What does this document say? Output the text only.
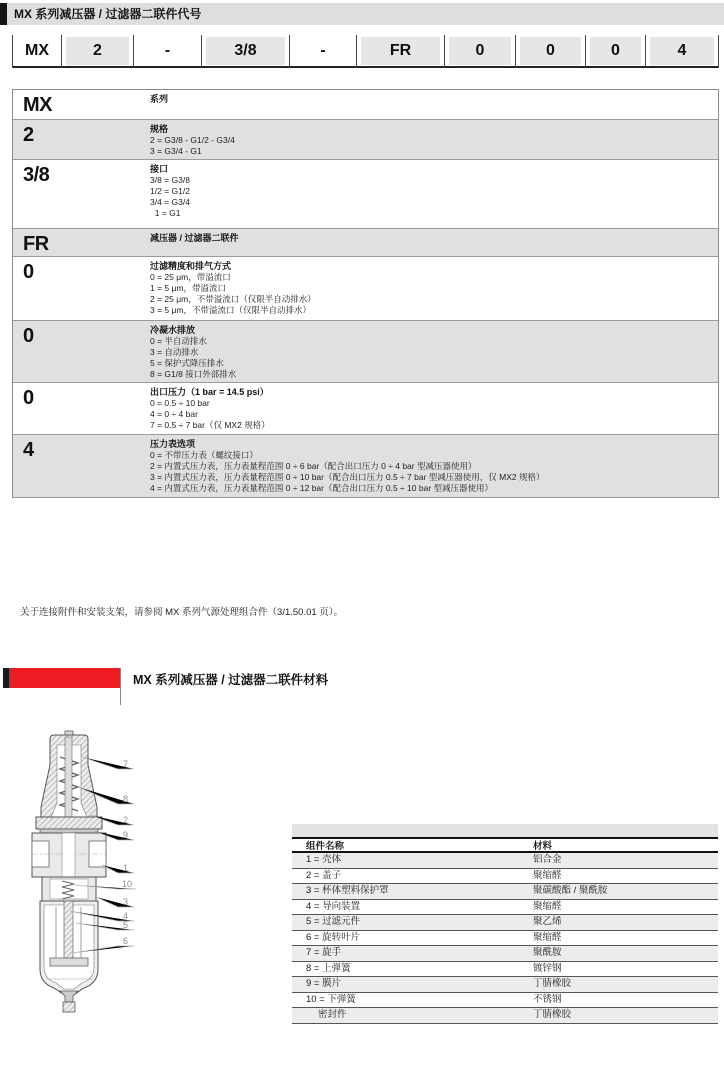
MX 系列减压器 / 过滤器二联件代号
MX	2	-	3/8	-	FR	0	0	0	4
MX	系列
2	规格
2 = G3/8 - G1/2 - G3/4
3 = G3/4 - G1
3/8	接口
3/8 = G3/8
1/2 = G1/2
3/4 = G3/4
1 = G1
FR	减压器 / 过滤器二联件
0	过滤精度和排气方式
0 = 25 μm，带溢流口
1 = 5 μm，带溢流口
2 = 25 μm，不带溢流口（仅限半自动排水）
3 = 5 μm，不带溢流口（仅限半自动排水）
0	冷凝水排放
0 = 半自动排水
3 = 自动排水
5 = 保护式降压排水
8 = G1/8 接口外部排水
0	出口压力（1 bar = 14.5 psi）
0 = 0.5 ÷ 10 bar
4 = 0 ÷ 4 bar
7 = 0.5 ÷ 7 bar（仅 MX2 规格）
4	压力表选项
0 = 不带压力表（螺纹接口）
2 = 内置式压力表，压力表量程范围 0 ÷ 6 bar（配合出口压力 0 ÷ 4 bar 型减压器使用）
3 = 内置式压力表，压力表量程范围 0 ÷ 10 bar（配合出口压力 0.5 ÷ 7 bar 型减压器使用，仅 MX2 规格）
4 = 内置式压力表，压力表量程范围 0 ÷ 12 bar（配合出口压力 0.5 ÷ 10 bar 型减压器使用）
关于连接附件和安装支架，请参阅 MX 系列气源处理组合件（3/1.50.01 页）。
MX 系列减压器 / 过滤器二联件材料
7
8
2
9
1
10
3
4
5
6
组件名称	材料
1 = 壳体	铝合金
2 = 盖子	聚缩醛
3 = 杯体塑料保护罩	聚碳酸酯 / 聚酰胺
4 = 导向装置	聚缩醛
5 = 过滤元件	聚乙烯
6 = 旋转叶片	聚缩醛
7 = 旋手	聚酰胺
8 = 上弹簧	镀锌钢
9 = 膜片	丁腈橡胶
10 = 下弹簧	不锈钢
密封件	丁腈橡胶
